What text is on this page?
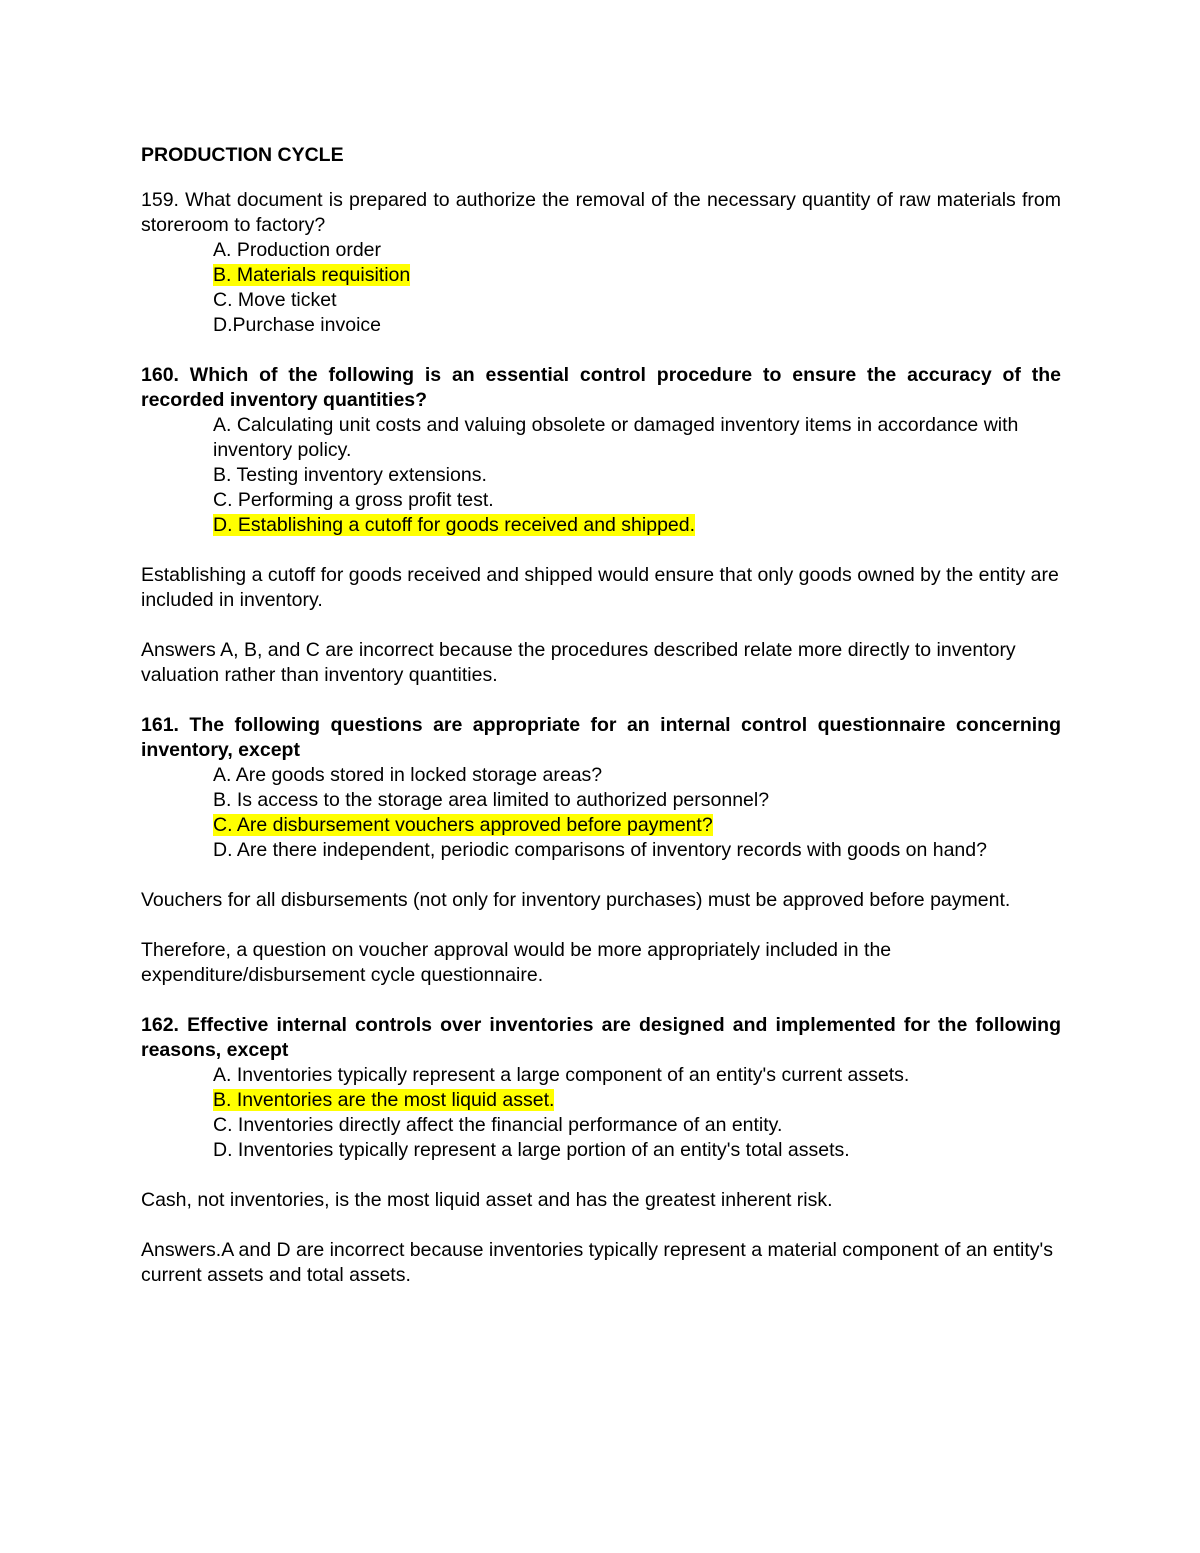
PRODUCTION CYCLE

159. What document is prepared to authorize the removal of the necessary quantity of raw materials from storeroom to factory?

A. Production order
B. Materials requisition
C. Move ticket
D.Purchase invoice

160. Which of the following is an essential control procedure to ensure the accuracy of the recorded inventory quantities?

A. Calculating unit costs and valuing obsolete or damaged inventory items in accordance with inventory policy.
B. Testing inventory extensions.
C. Performing a gross profit test.
D. Establishing a cutoff for goods received and shipped.

Establishing a cutoff for goods received and shipped would ensure that only goods owned by the entity are included in inventory.

Answers A, B, and C are incorrect because the procedures described relate more directly to inventory valuation rather than inventory quantities.

161. The following questions are appropriate for an internal control questionnaire concerning inventory, except

A. Are goods stored in locked storage areas?
B. Is access to the storage area limited to authorized personnel?
C. Are disbursement vouchers approved before payment?
D. Are there independent, periodic comparisons of inventory records with goods on hand?

Vouchers for all disbursements (not only for inventory purchases) must be approved before payment.

Therefore, a question on voucher approval would be more appropriately included in the expenditure/disbursement cycle questionnaire.

162. Effective internal controls over inventories are designed and implemented for the following reasons, except

A. Inventories typically represent a large component of an entity's current assets.
B. Inventories are the most liquid asset.
C. Inventories directly affect the financial performance of an entity.
D. Inventories typically represent a large portion of an entity's total assets.

Cash, not inventories, is the most liquid asset and has the greatest inherent risk.

Answers.A and D are incorrect because inventories typically represent a material component of an entity's current assets and total assets.
